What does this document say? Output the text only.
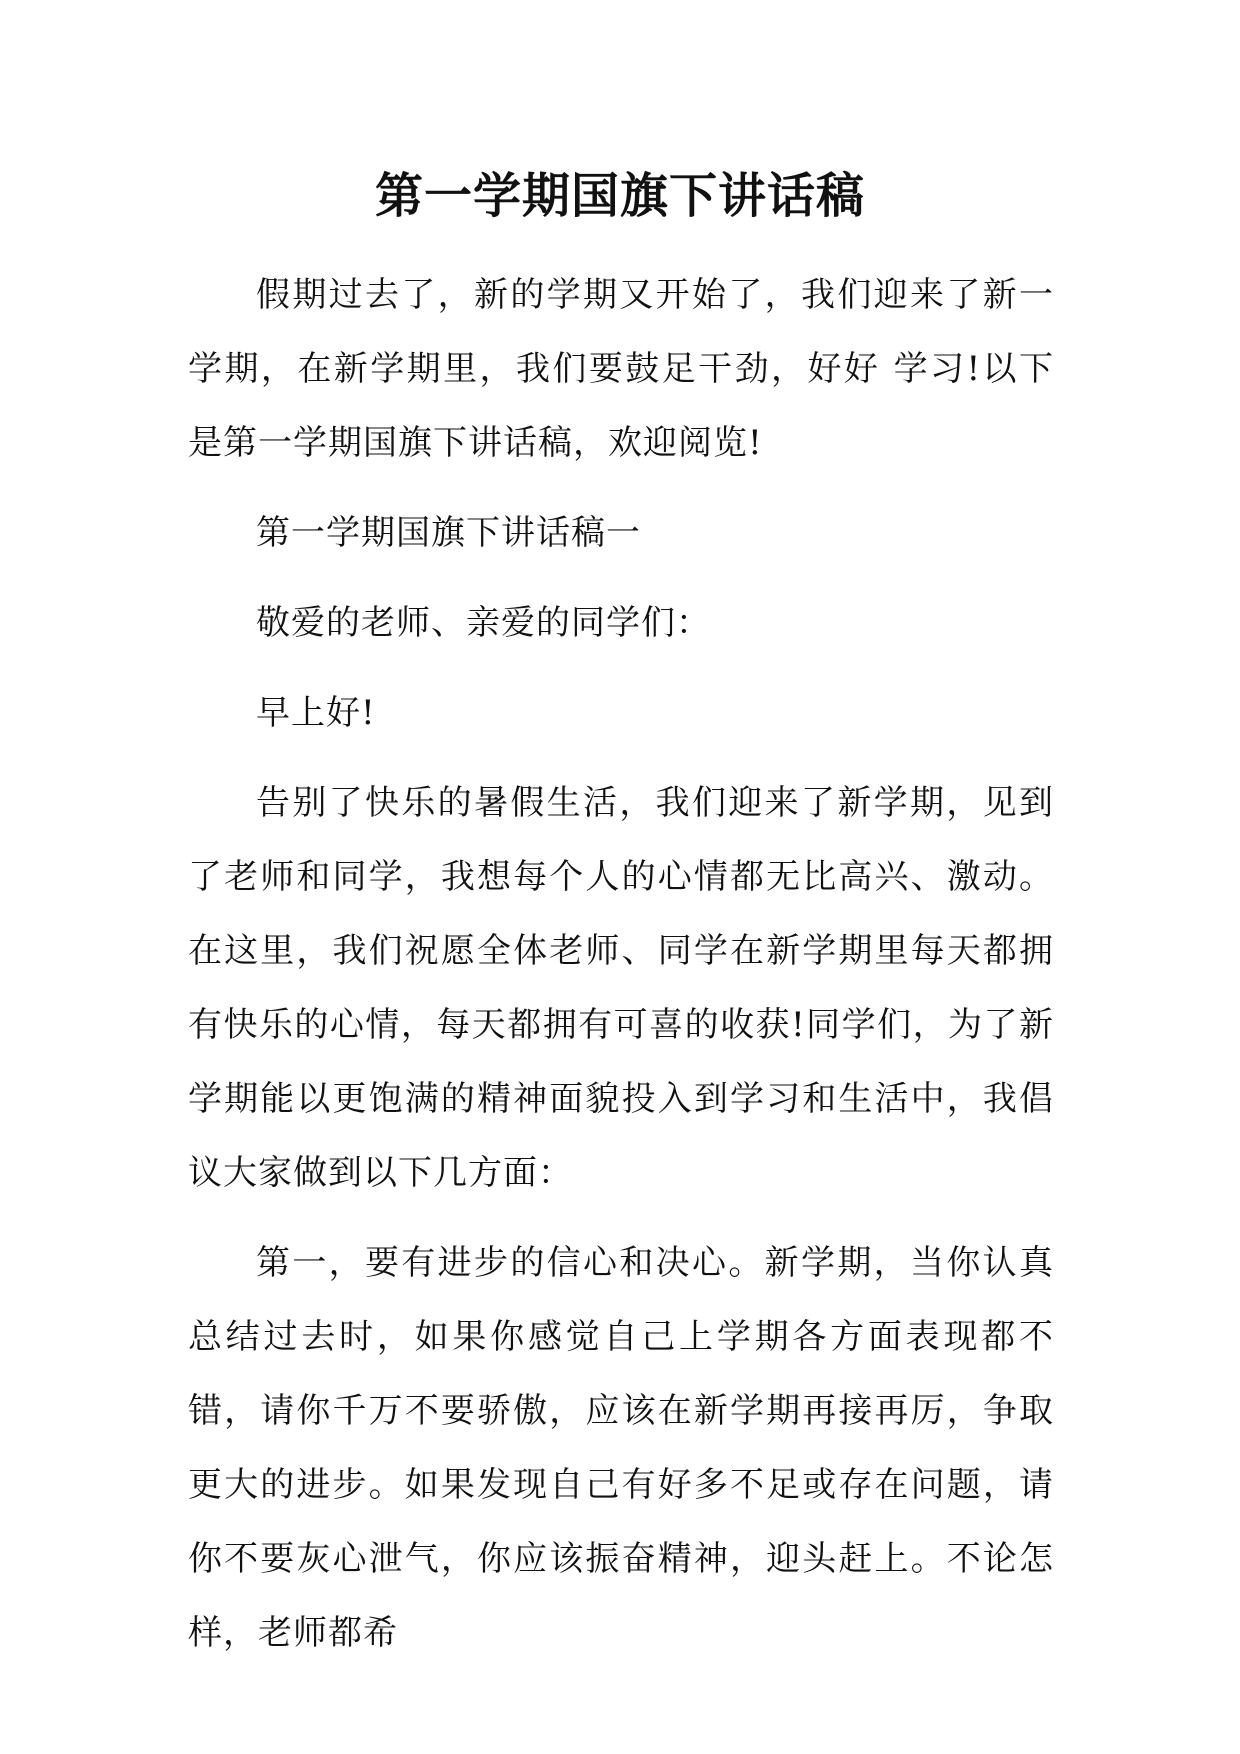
第一学期国旗下讲话稿

假期过去了，新的学期又开始了，我们迎来了新一学期，在新学期里，我们要鼓足干劲，好好 学习!以下是第一学期国旗下讲话稿，欢迎阅览!

第一学期国旗下讲话稿一

敬爱的老师、亲爱的同学们：

早上好!

告别了快乐的暑假生活，我们迎来了新学期，见到了老师和同学，我想每个人的心情都无比高兴、激动。在这里，我们祝愿全体老师、同学在新学期里每天都拥有快乐的心情，每天都拥有可喜的收获!同学们，为了新学期能以更饱满的精神面貌投入到学习和生活中，我倡议大家做到以下几方面：

第一，要有进步的信心和决心。新学期，当你认真总结过去时，如果你感觉自己上学期各方面表现都不错，请你千万不要骄傲，应该在新学期再接再厉，争取更大的进步。如果发现自己有好多不足或存在问题，请你不要灰心泄气，你应该振奋精神，迎头赶上。不论怎样，老师都希
